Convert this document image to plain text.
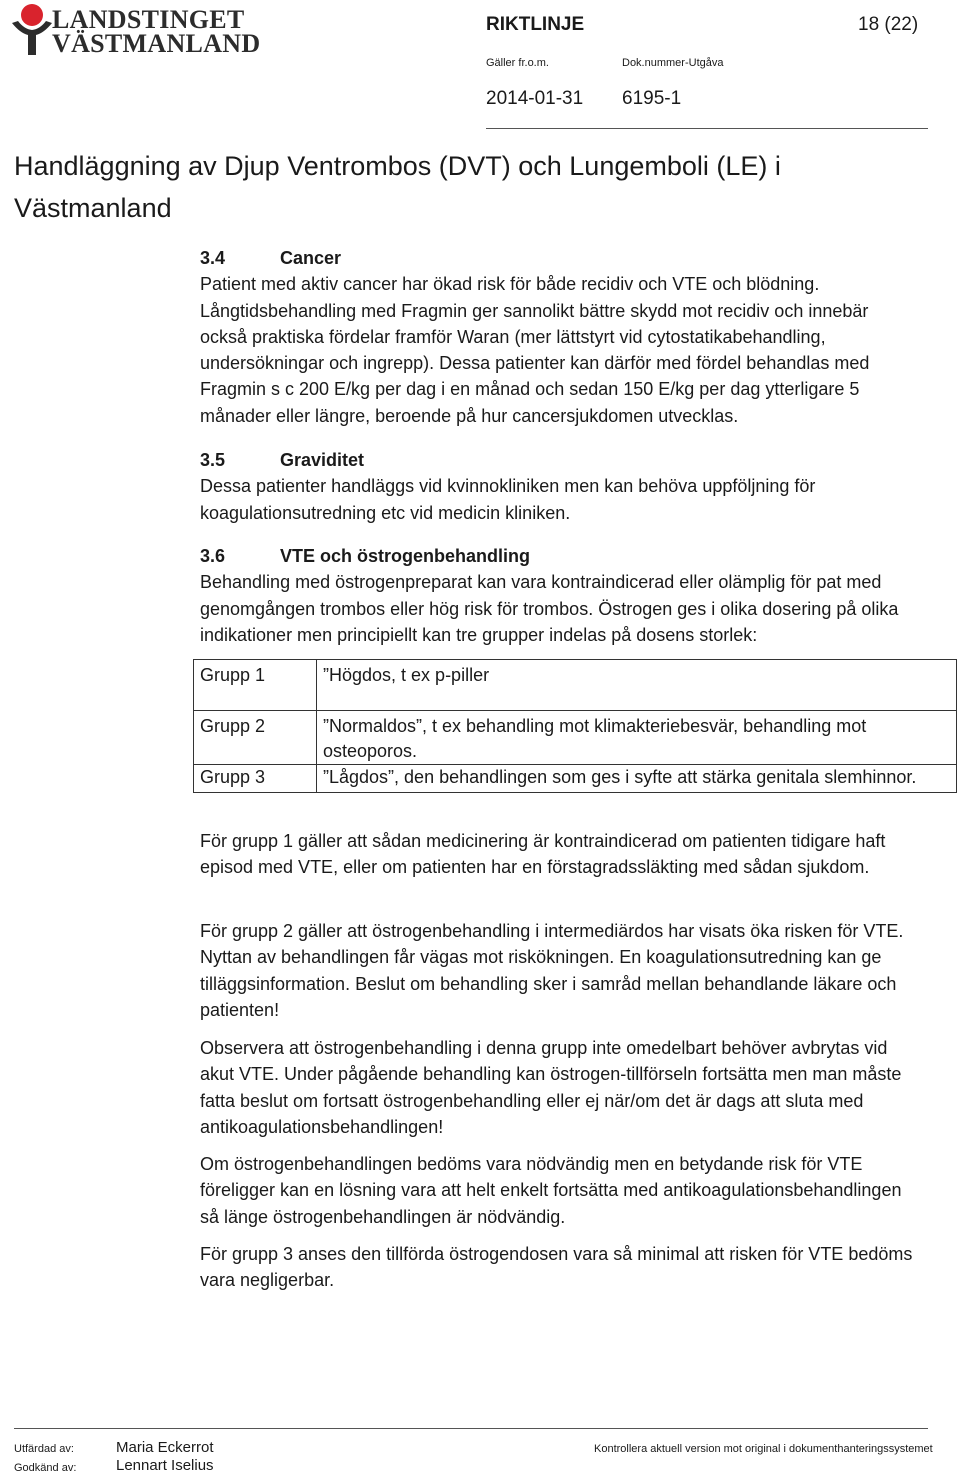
LANDSTINGET
VÄSTMANLAND
RIKTLINJE	18 (22)
Gäller fr.o.m.	Dok.nummer-Utgåva
2014-01-31 6195-1
Handläggning av Djup Ventrombos (DVT) och Lungemboli (LE) i
Västmanland
3.4	Cancer

Patient med aktiv cancer har ökad risk för både recidiv och VTE och blödning. Långtidsbehandling med Fragmin ger sannolikt bättre skydd mot recidiv och innebär också praktiska fördelar framför Waran (mer lättstyrt vid cytostatikabehandling, undersökningar och ingrepp). Dessa patienter kan därför med fördel behandlas med Fragmin s c 200 E/kg per dag i en månad och sedan 150 E/kg per dag ytterligare 5 månader eller längre, beroende på hur cancersjukdomen utvecklas.

3.5	Graviditet

Dessa patienter handläggs vid kvinnokliniken men kan behöva uppföljning för koagulationsutredning etc vid medicin kliniken.

3.6	VTE och östrogenbehandling

Behandling med östrogenpreparat kan vara kontraindicerad eller olämplig för pat med genomgången trombos eller hög risk för trombos. Östrogen ges i olika dosering på olika indikationer men principiellt kan tre grupper indelas på dosens storlek:

Grupp 1	”Högdos, t ex p-piller
Grupp 2	”Normaldos”, t ex behandling mot klimakteriebesvär, behandling mot osteoporos.
Grupp 3	”Lågdos”, den behandlingen som ges i syfte att stärka genitala slemhinnor.

För grupp 1 gäller att sådan medicinering är kontraindicerad om patienten tidigare haft episod med VTE, eller om patienten har en förstagradssläkting med sådan sjukdom.

För grupp 2 gäller att östrogenbehandling i intermediärdos har visats öka risken för VTE. Nyttan av behandlingen får vägas mot riskökningen. En koagulationsutredning kan ge tilläggsinformation. Beslut om behandling sker i samråd mellan behandlande läkare och patienten!

Observera att östrogenbehandling i denna grupp inte omedelbart behöver avbrytas vid akut VTE. Under pågående behandling kan östrogen-tillförseln fortsätta men man måste fatta beslut om fortsatt östrogenbehandling eller ej när/om det är dags att sluta med antikoagulationsbehandlingen!

Om östrogenbehandlingen bedöms vara nödvändig men en betydande risk för VTE föreligger kan en lösning vara att helt enkelt fortsätta med antikoagulationsbehandlingen så länge östrogenbehandlingen är nödvändig.

För grupp 3 anses den tillförda östrogendosen vara så minimal att risken för VTE bedöms vara negligerbar.

Utfärdad av:	Maria Eckerrot
Godkänd av:	Lennart Iselius
Kontrollera aktuell version mot original i dokumenthanteringssystemet
